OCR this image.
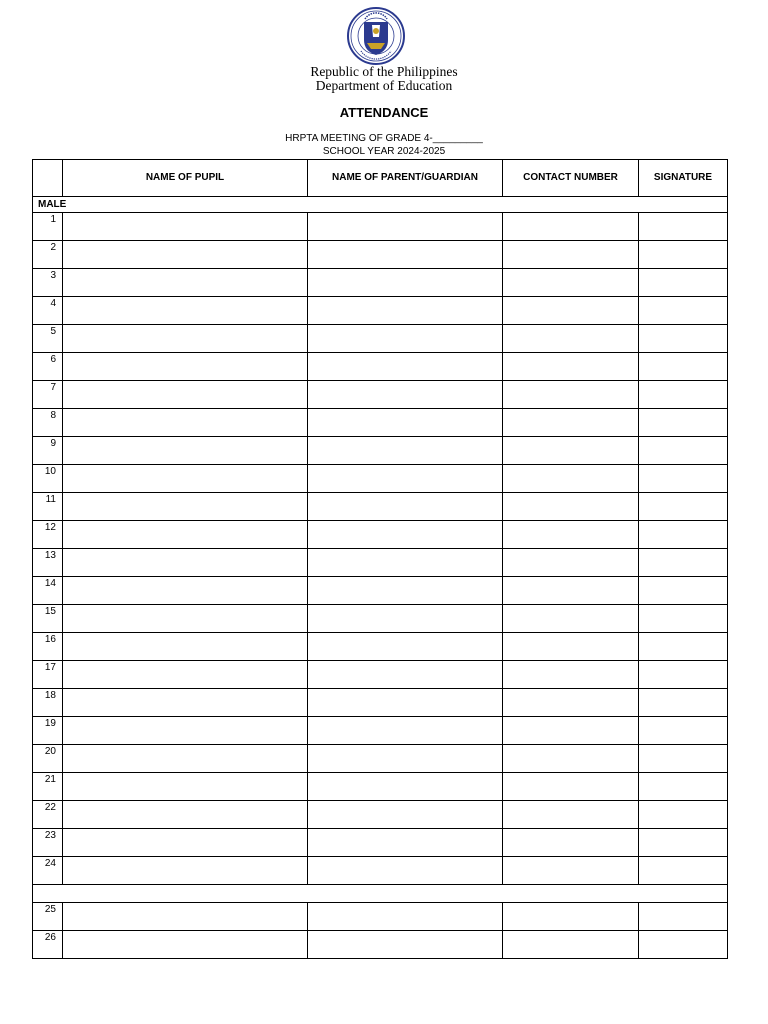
Republic of the Philippines
Department of Education
ATTENDANCE
HRPTA MEETING OF GRADE 4-_________
SCHOOL YEAR 2024-2025
	NAME OF PUPIL	NAME OF PARENT/GUARDIAN	CONTACT NUMBER	SIGNATURE
MALE				
1				
2				
3				
4				
5				
6				
7				
8				
9				
10				
11				
12				
13				
14				
15				
16				
17				
18				
19				
20				
21				
22				
23				
24				

25				
26				
